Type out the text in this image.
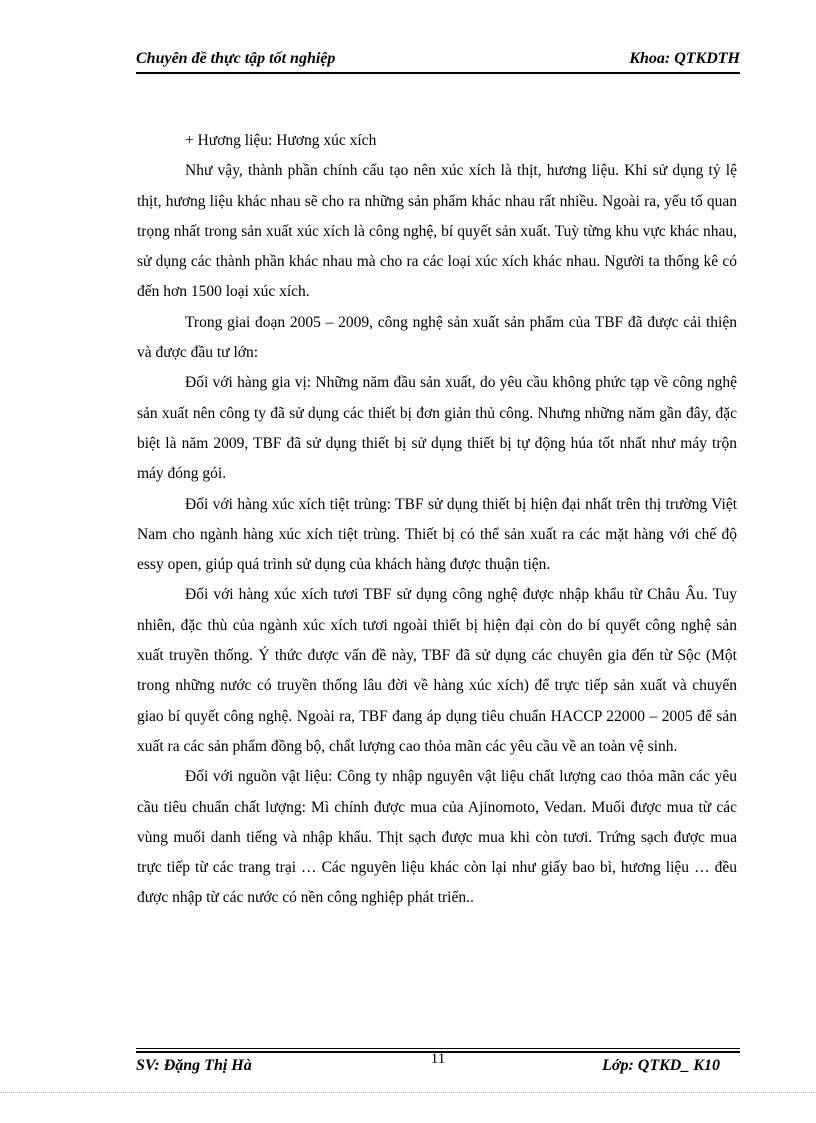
Chuyên đề thực tập tốt nghiệp	Khoa: QTKDTH

+ Hương liệu: Hương xúc xích

Như vậy, thành phần chính cấu tạo nên xúc xích là thịt, hương liệu. Khi sử dụng tỷ lệ thịt, hương liệu khác nhau sẽ cho ra những sản phẩm khác nhau rất nhiều. Ngoài ra, yếu tố quan trọng nhất trong sản xuất xúc xích là công nghệ, bí quyết sản xuất. Tuỳ từng khu vực khác nhau, sử dụng các thành phần khác nhau mà cho ra các loại xúc xích khác nhau. Người ta thống kê có đến hơn 1500 loại xúc xích.

Trong giai đoạn 2005 – 2009, công nghệ sản xuất sản phẩm của TBF đã được cải thiện và được đầu tư lớn:

Đối với hàng gia vị: Những năm đầu sản xuất, do yêu cầu không phức tạp về công nghệ sản xuất nên công ty đã sử dụng các thiết bị đơn giản thủ công. Nhưng những năm gần đây, đặc biệt là năm 2009, TBF đã sử dụng thiết bị sử dụng thiết bị tự động húa tốt nhất như máy trộn máy đóng gói.

Đối với hàng xúc xích tiệt trùng: TBF sử dụng thiết bị hiện đại nhất trên thị trường Việt Nam cho ngành hàng xúc xích tiệt trùng. Thiết bị có thể sản xuất ra các mặt hàng với chế độ essy open, giúp quá trình sử dụng của khách hàng được thuận tiện.

Đối với hàng xúc xích tươi TBF sử dụng công nghệ được nhập khẩu từ Châu Âu. Tuy nhiên, đặc thù của ngành xúc xích tươi ngoài thiết bị hiện đại còn do bí quyết công nghệ sản xuất truyền thống. Ý thức được vấn đề này, TBF đã sử dụng các chuyên gia đến từ Sộc (Một trong những nước có truyền thống lâu đời về hàng xúc xích) để trực tiếp sản xuất và chuyển giao bí quyết công nghệ. Ngoài ra, TBF đang áp dụng tiêu chuẩn HACCP 22000 – 2005 để sản xuất ra các sản phẩm đồng bộ, chất lượng cao thỏa mãn các yêu cầu về an toàn vệ sinh.

Đối với nguồn vật liệu: Công ty nhập nguyên vật liệu chất lượng cao thỏa mãn các yêu cầu tiêu chuẩn chất lượng: Mì chính được mua của Ajinomoto, Vedan. Muối được mua từ các vùng muối danh tiếng và nhập khẩu. Thịt sạch được mua khi còn tươi. Trứng sạch được mua trực tiếp từ các trang trại … Các nguyên liệu khác còn lại như giấy bao bì, hương liệu … đều được nhập từ các nước có nền công nghiệp phát triển..

SV: Đặng Thị Hà	11	Lớp: QTKD_ K10
